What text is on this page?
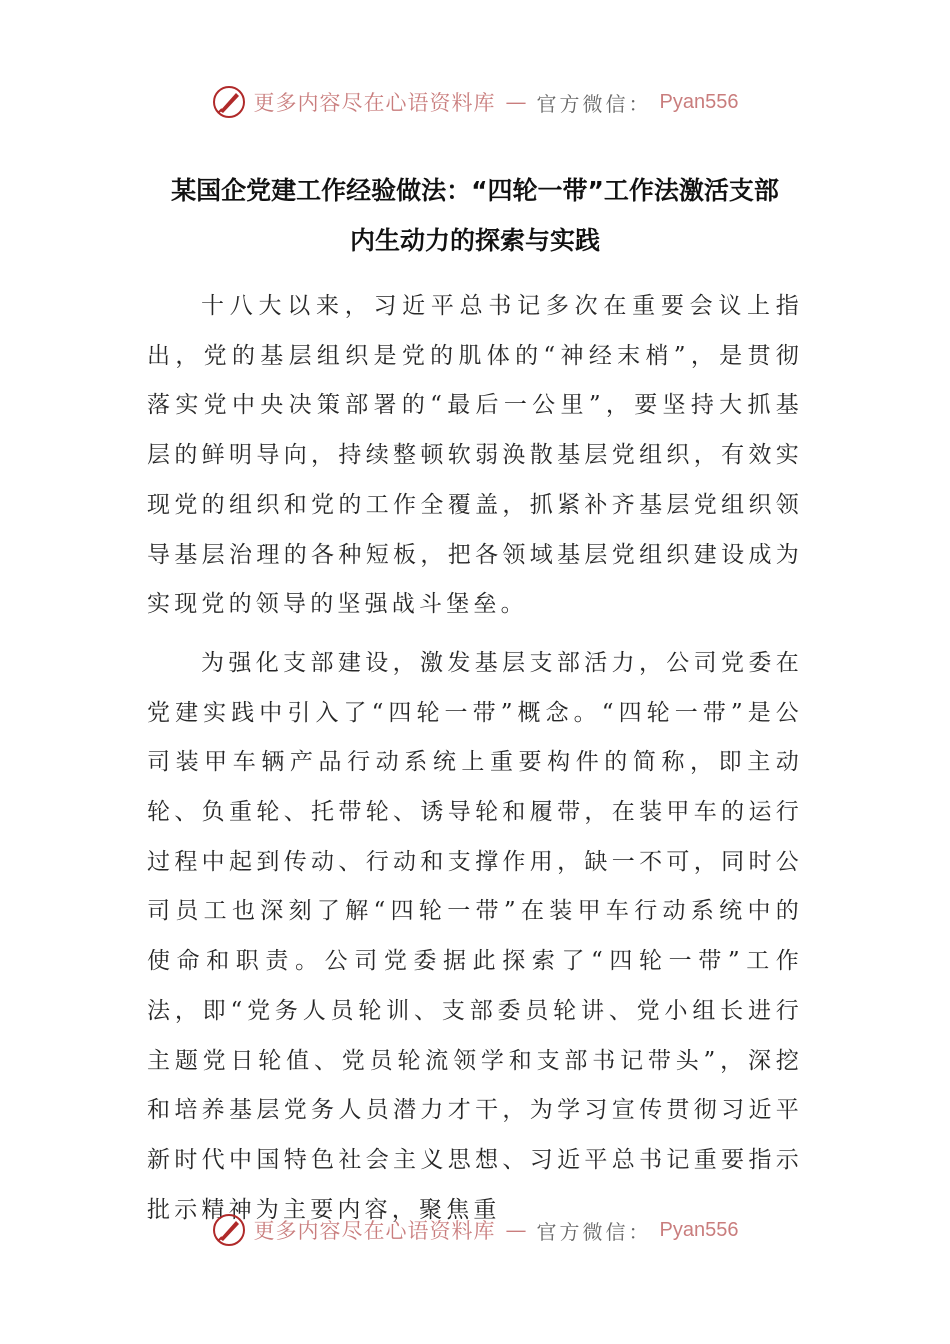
更多内容尽在心语资料库 — 官方微信： Pyan556
某国企党建工作经验做法：“四轮一带”工作法激活支部
内生动力的探索与实践

十八大以来，习近平总书记多次在重要会议上指出，党的基层组织是党的肌体的“神经末梢”，是贯彻落实党中央决策部署的“最后一公里”，要坚持大抓基层的鲜明导向，持续整顿软弱涣散基层党组织，有效实现党的组织和党的工作全覆盖，抓紧补齐基层党组织领导基层治理的各种短板，把各领域基层党组织建设成为实现党的领导的坚强战斗堡垒。

为强化支部建设，激发基层支部活力，公司党委在党建实践中引入了“四轮一带”概念。“四轮一带”是公司装甲车辆产品行动系统上重要构件的简称，即主动轮、负重轮、托带轮、诱导轮和履带，在装甲车的运行过程中起到传动、行动和支撑作用，缺一不可，同时公司员工也深刻了解“四轮一带”在装甲车行动系统中的使命和职责。公司党委据此探索了“四轮一带”工作法，即“党务人员轮训、支部委员轮讲、党小组长进行主题党日轮值、党员轮流领学和支部书记带头”，深挖和培养基层党务人员潜力才干，为学习宣传贯彻习近平新时代中国特色社会主义思想、习近平总书记重要指示批示精神为主要内容，聚焦重

更多内容尽在心语资料库 — 官方微信： Pyan556
